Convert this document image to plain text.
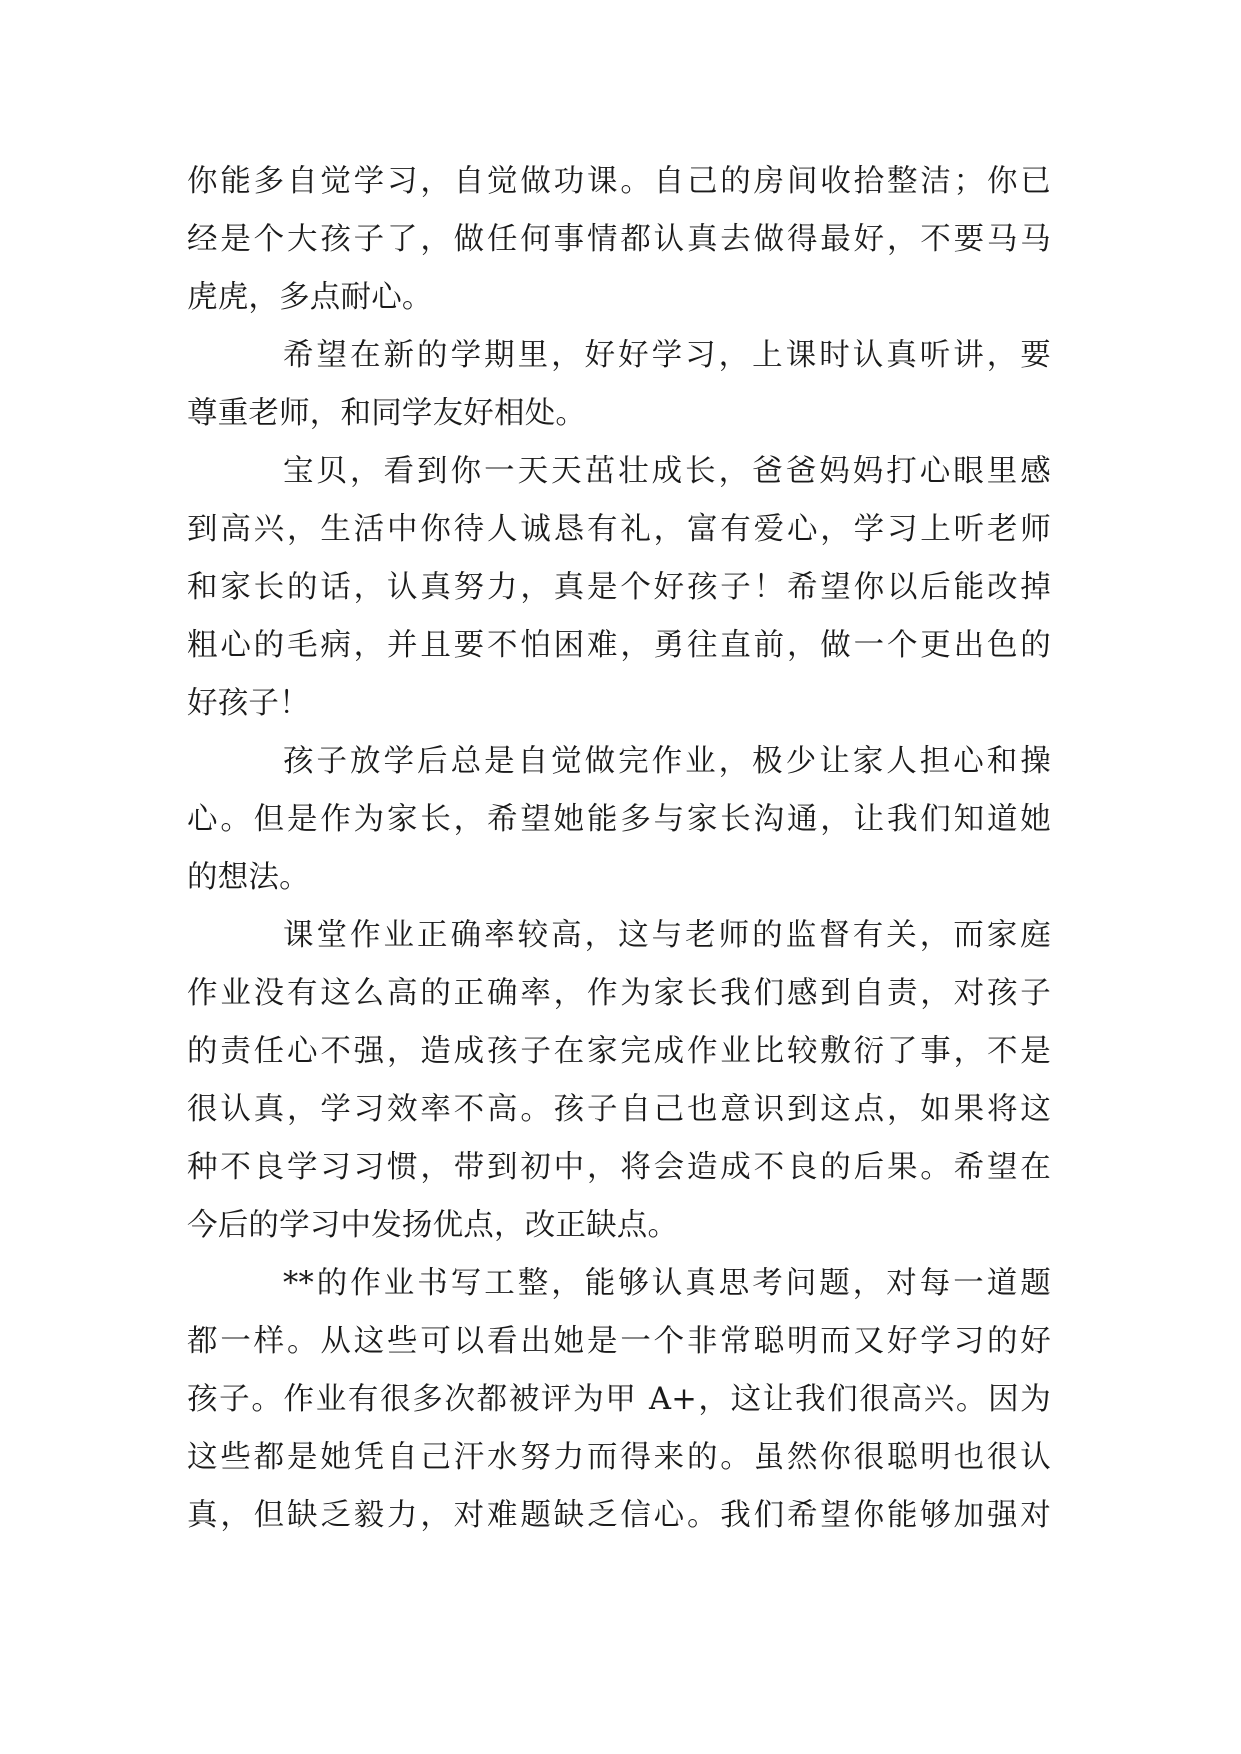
你能多自觉学习，自觉做功课。自己的房间收拾整洁；你已
经是个大孩子了，做任何事情都认真去做得最好，不要马马
虎虎，多点耐心。
希望在新的学期里，好好学习，上课时认真听讲，要
尊重老师，和同学友好相处。
宝贝，看到你一天天茁壮成长，爸爸妈妈打心眼里感
到高兴，生活中你待人诚恳有礼，富有爱心，学习上听老师
和家长的话，认真努力，真是个好孩子！希望你以后能改掉
粗心的毛病，并且要不怕困难，勇往直前，做一个更出色的
好孩子！
孩子放学后总是自觉做完作业，极少让家人担心和操
心。但是作为家长，希望她能多与家长沟通，让我们知道她
的想法。
课堂作业正确率较高，这与老师的监督有关，而家庭
作业没有这么高的正确率，作为家长我们感到自责，对孩子
的责任心不强，造成孩子在家完成作业比较敷衍了事，不是
很认真，学习效率不高。孩子自己也意识到这点，如果将这
种不良学习习惯，带到初中，将会造成不良的后果。希望在
今后的学习中发扬优点，改正缺点。
**的作业书写工整，能够认真思考问题，对每一道题
都一样。从这些可以看出她是一个非常聪明而又好学习的好
孩子。作业有很多次都被评为甲 A+，这让我们很高兴。因为
这些都是她凭自己汗水努力而得来的。虽然你很聪明也很认
真，但缺乏毅力，对难题缺乏信心。我们希望你能够加强对
